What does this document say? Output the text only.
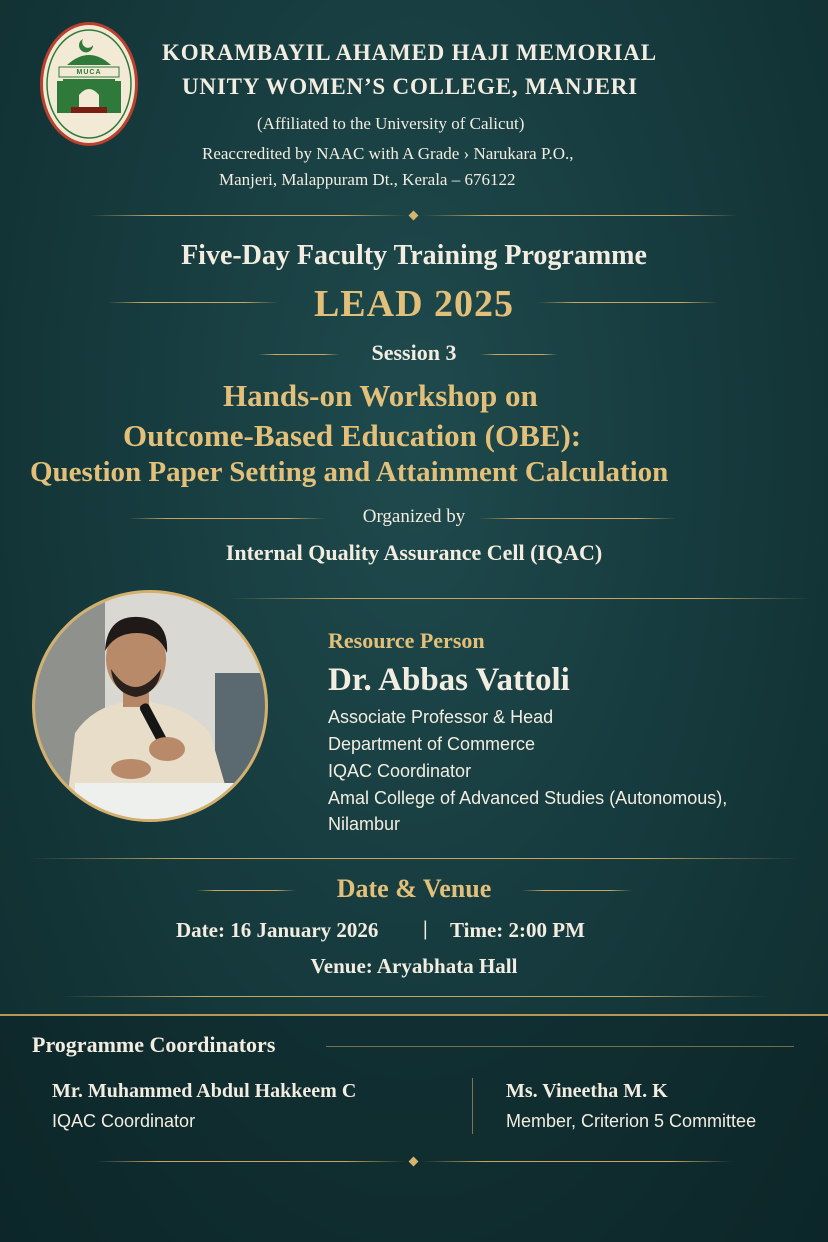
MUCA
KORAMBAYIL AHAMED HAJI MEMORIAL
UNITY WOMEN’S COLLEGE, MANJERI
(Affiliated to the University of Calicut)
Reaccredited by NAAC with A Grade › Narukara P.O.,
Manjeri, Malappuram Dt., Kerala – 676122
Five-Day Faculty Training Programme
LEAD 2025
Session 3
Hands-on Workshop on
Outcome-Based Education (OBE):
Question Paper Setting and Attainment Calculation
Organized by
Internal Quality Assurance Cell (IQAC)
Resource Person
Dr. Abbas Vattoli
Associate Professor & Head
Department of Commerce
IQAC Coordinator
Amal College of Advanced Studies (Autonomous),
Nilambur
Date & Venue
Date: 16 January 2026 | Time: 2:00 PM
Venue: Aryabhata Hall
Programme Coordinators
Mr. Muhammed Abdul Hakkeem C
IQAC Coordinator
Ms. Vineetha M. K
Member, Criterion 5 Committee
